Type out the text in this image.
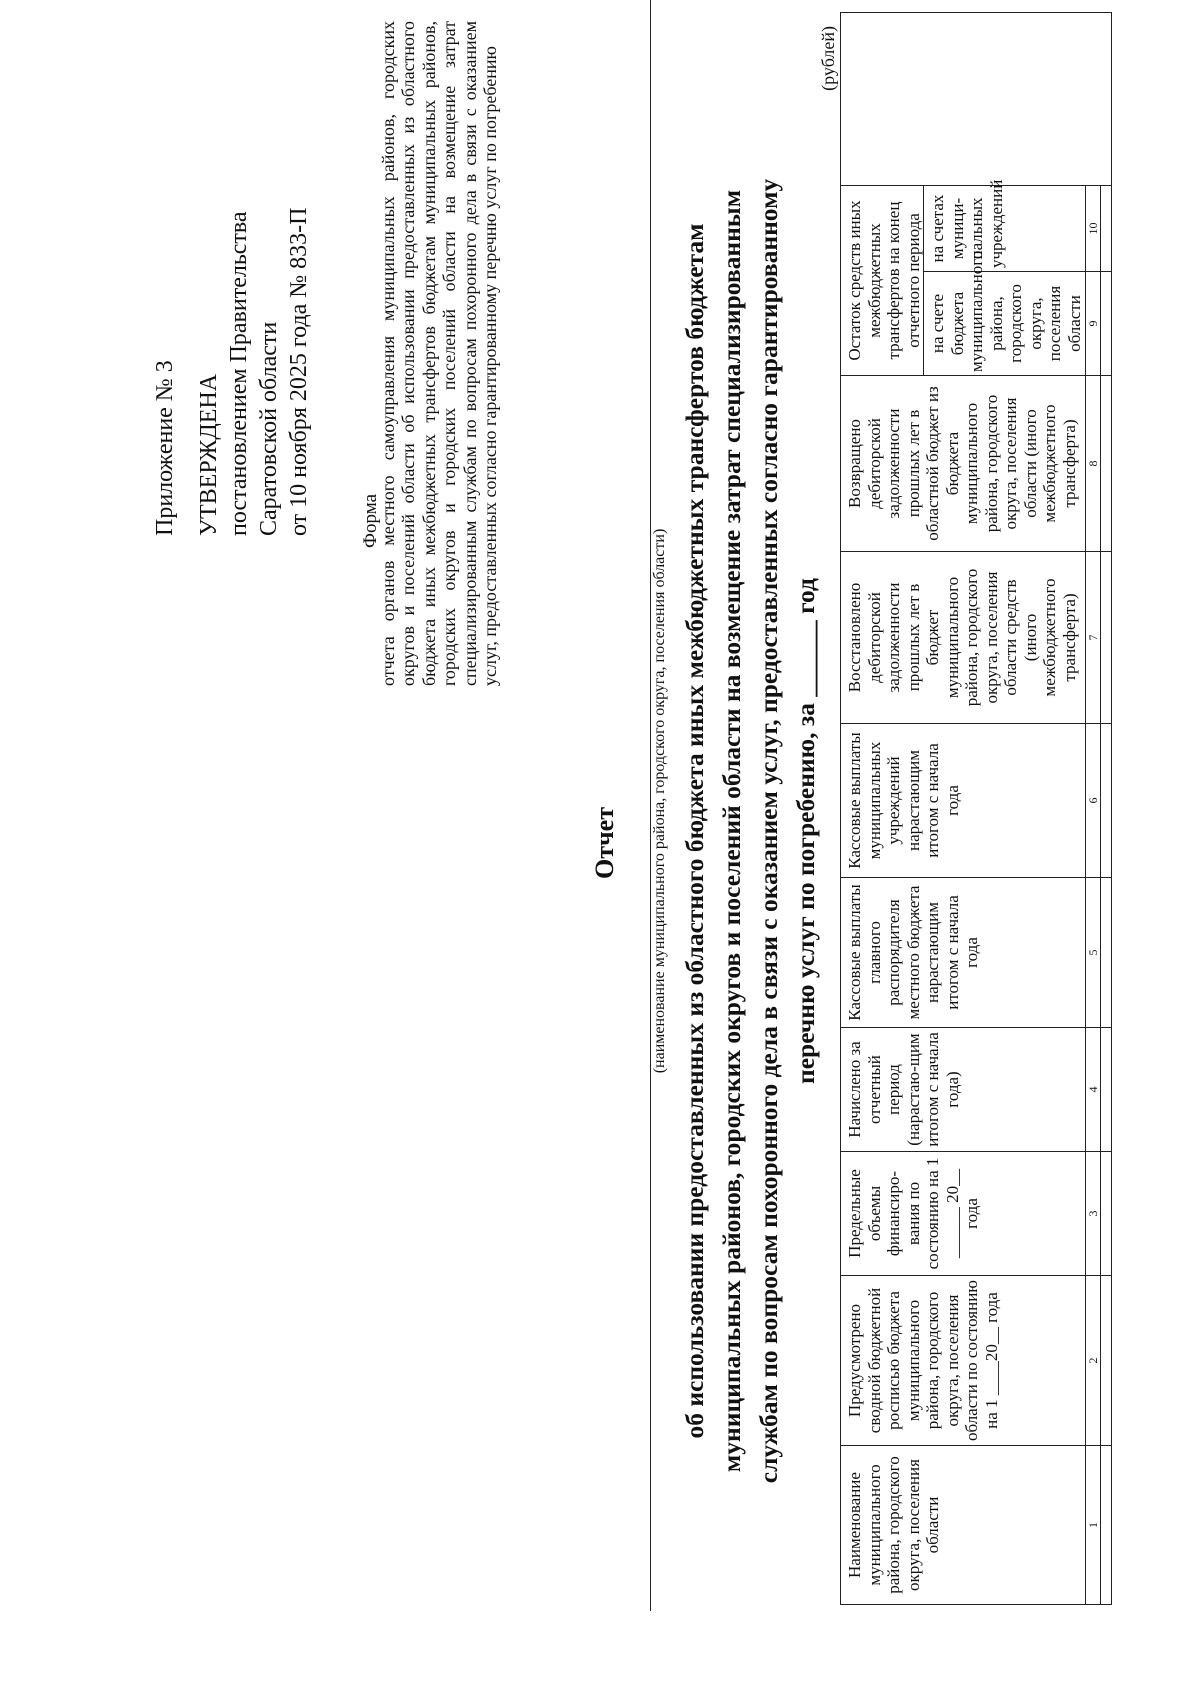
Приложение № 3 УТВЕРЖДЕНА постановлением Правительства Саратовской области от 10 ноября 2025 года № 833-П	Форма
отчета органов местного самоуправления муниципальных районов, городских округов и поселений области об использовании предоставленных из областного бюджета иных межбюджетных трансфертов бюджетам муниципальных районов, городских округов и городских поселений области на возмещение затрат специализированным службам по вопросам похоронного дела в связи с оказанием услуг, предоставленных согласно гарантированному перечню услуг по погребению
Отчет (наименование муниципального района, городского округа, поселения области) об использовании предоставленных из областного бюджета иных межбюджетных трансфертов бюджетам муниципальных районов, городских округов и поселений области на возмещение затрат специализированным службам по вопросам похоронного дела в связи с оказанием услуг, предоставленных согласно гарантированному перечню услуг по погребению, за ______ год
(рублей)
Наименование муниципального района, городского округа, поселения области	Предусмотрено сводной бюджетной росписью бюджета муниципального района, городского округа, поселения области по состоянию на 1 ____20__ года	Предельные объемы финансиро-вания по состоянию на 1 ______ 20__ года	Начислено за отчетный период (нарастаю-щим итогом с начала года)	Кассовые выплаты главного распорядителя местного бюджета нарастающим итогом с начала года	Кассовые выплаты муниципальных учреждений нарастающим итогом с начала года	Восстановлено дебиторской задолженности прошлых лет в бюджет муниципального района, городского округа, поселения области средств (иного межбюджетного трансферта)	Возвращено дебиторской задолженности прошлых лет в областной бюджет из бюджета муниципального района, городского округа, поселения области (иного межбюджетного трансферта)	Остаток средств иных межбюджетных трансфертов на конец отчетного периода		
								на счете бюджета муниципального района, городского округа, поселения области	на счетах муници-пальных учреждений	
1	2	3	4	5	6	7	8	9	10	
